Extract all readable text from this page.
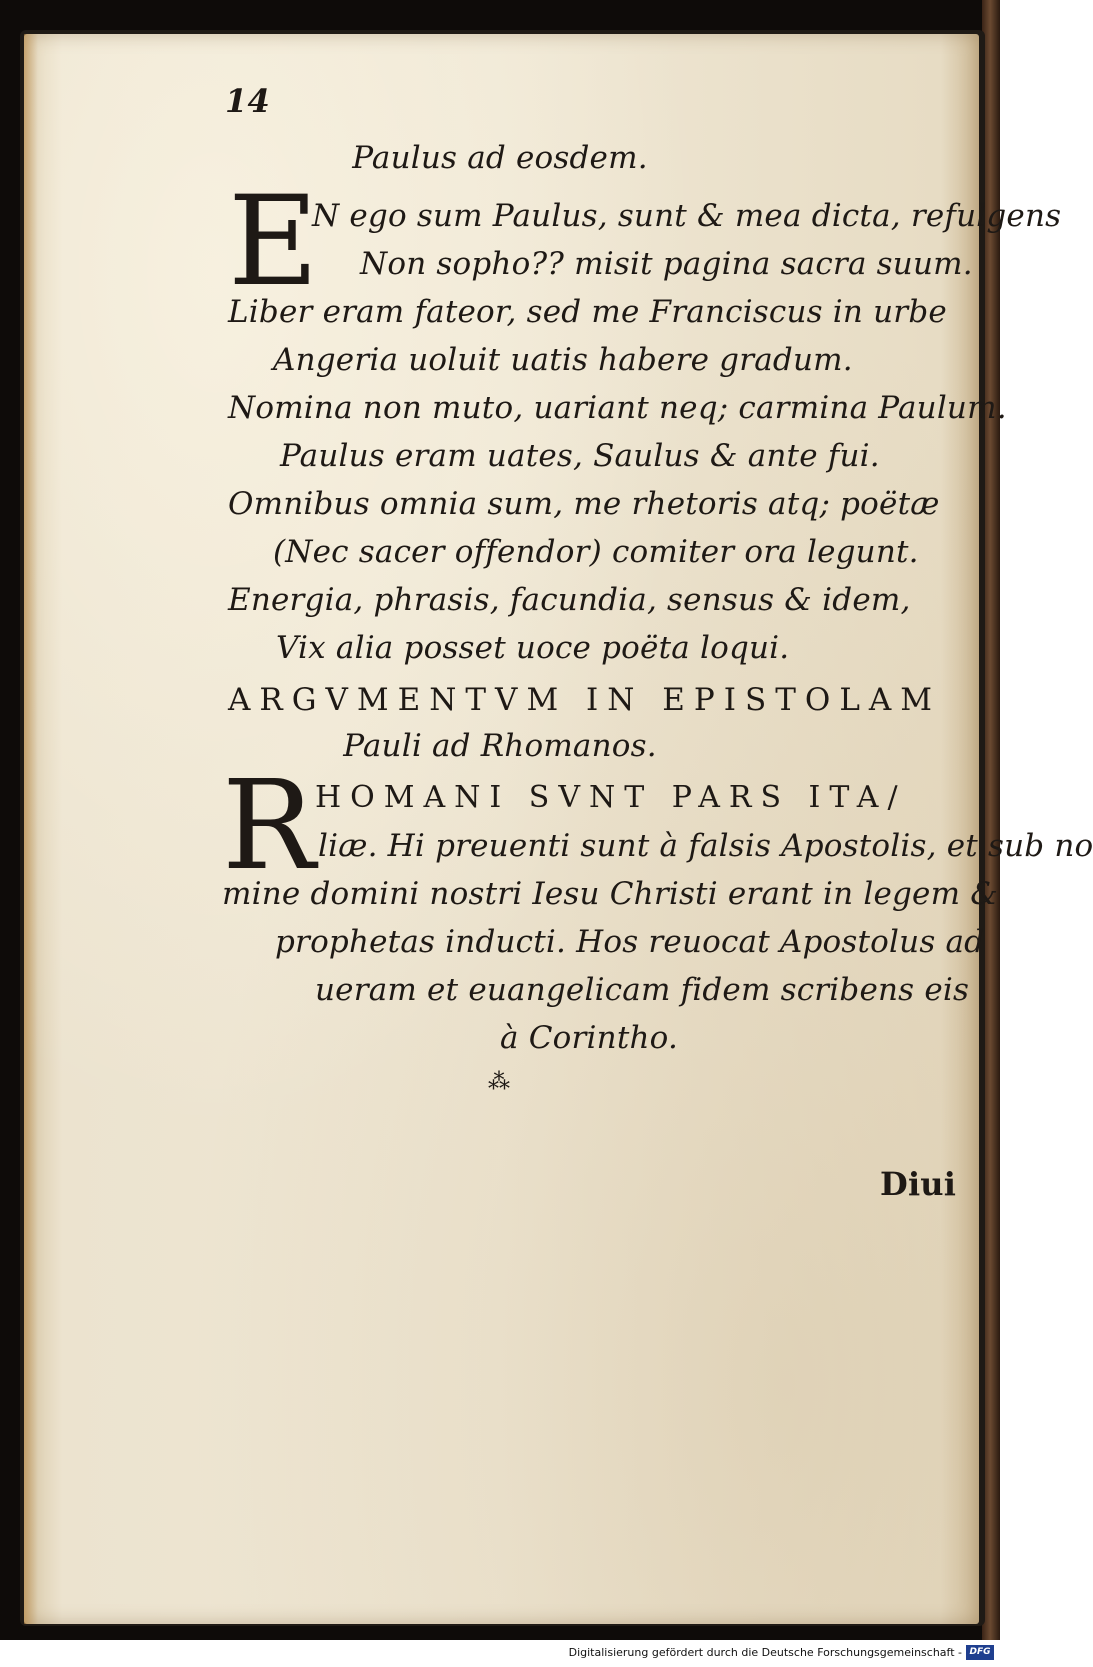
14
Paulus ad eosdem.
E
N ego sum Paulus, sunt & mea dicta, refulgens
Non sopho?? misit pagina sacra suum.
Liber eram fateor, sed me Franciscus in urbe
Angeria uoluit uatis habere gradum.
Nomina non muto, uariant neq; carmina Paulum.
Paulus eram uates, Saulus & ante fui.
Omnibus omnia sum, me rhetoris atq; poëtæ
(Nec sacer offendor) comiter ora legunt.
Energia, phrasis, facundia, sensus & idem,
Vix alia posset uoce poëta loqui.
ARGVMENTVM IN EPISTOLAM
Pauli ad Rhomanos.
R HOMANI SVNT PARS ITA/
liæ. Hi preuenti sunt à falsis Apostolis, et sub no
mine domini nostri Iesu Christi erant in legem &
prophetas inducti. Hos reuocat Apostolus ad
ueram et euangelicam fidem scribens eis
à Corintho.
⁂
Diui
Digitalisierung gefördert durch die Deutsche Forschungsgemeinschaft - DFG
